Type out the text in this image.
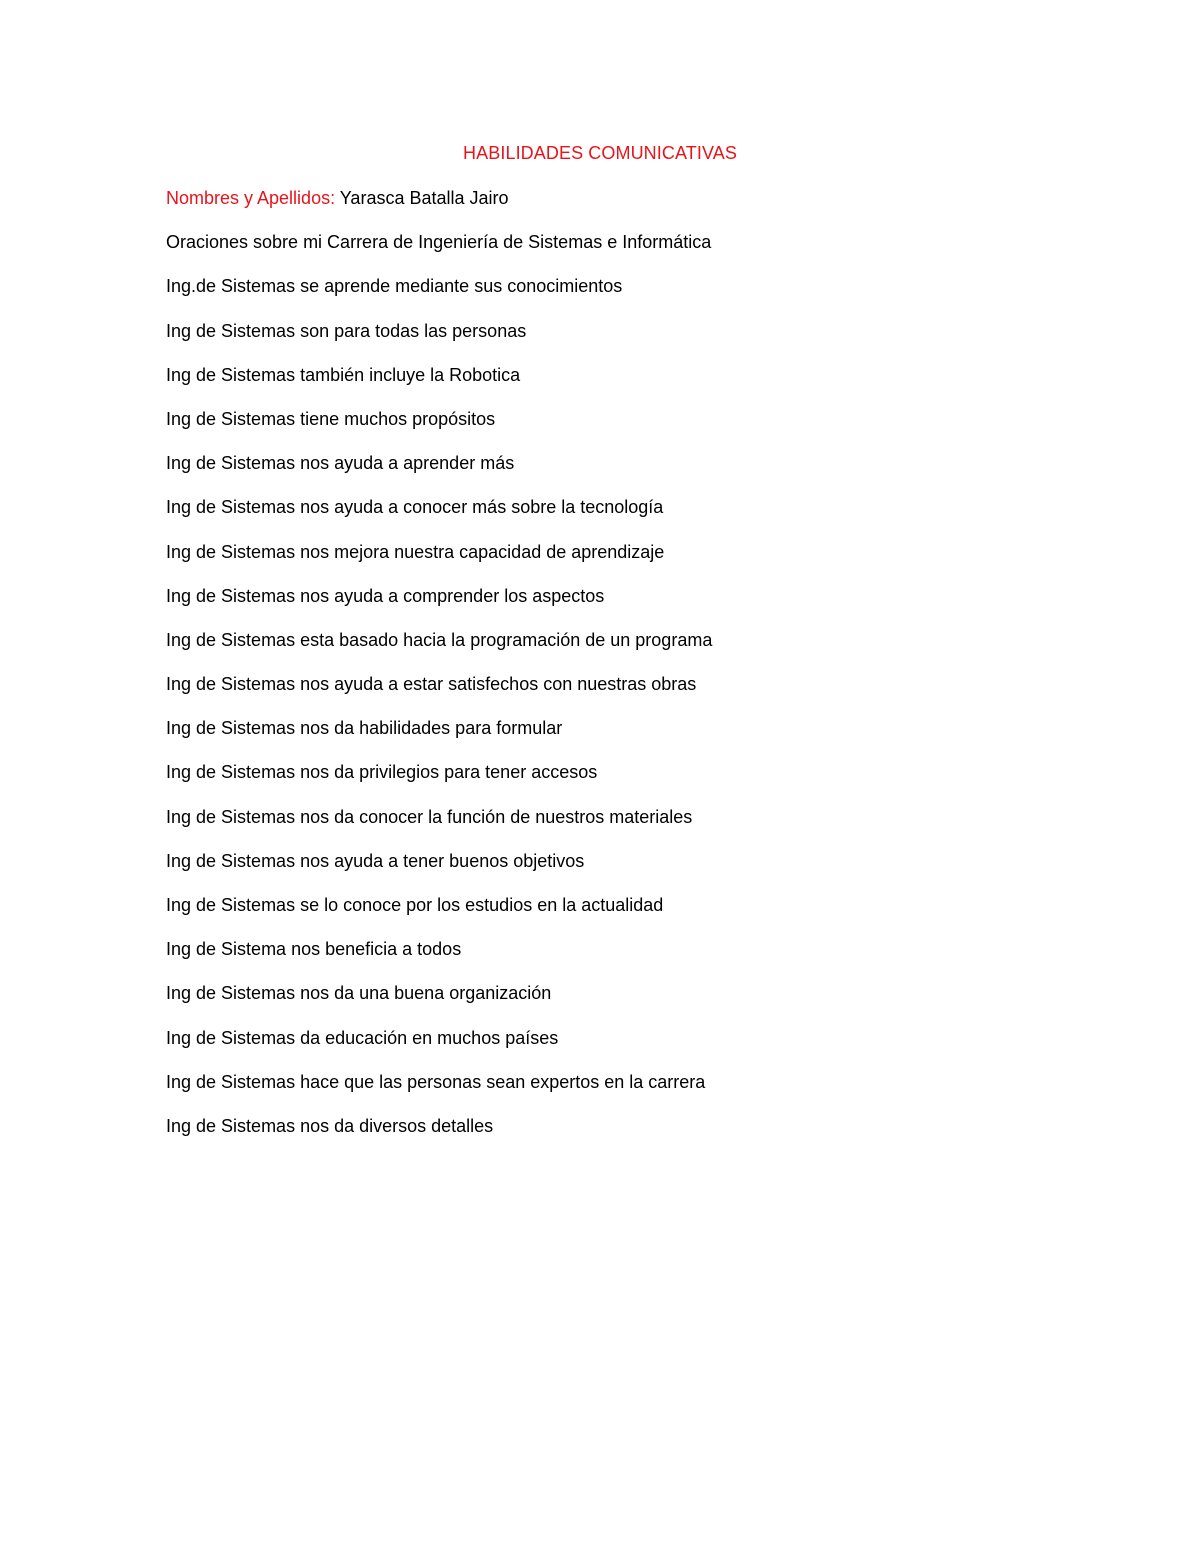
HABILIDADES COMUNICATIVAS
Nombres y Apellidos: Yarasca Batalla Jairo
Oraciones sobre mi Carrera de Ingeniería de Sistemas e Informática
Ing.de Sistemas se aprende mediante sus conocimientos
Ing de Sistemas son para todas las personas
Ing de Sistemas también incluye la Robotica
Ing de Sistemas tiene muchos propósitos
Ing de Sistemas nos ayuda a aprender más
Ing de Sistemas nos ayuda a conocer más sobre la tecnología
Ing de Sistemas nos mejora nuestra capacidad de aprendizaje
Ing de Sistemas nos ayuda a comprender los aspectos
Ing de Sistemas esta basado hacia la programación de un programa
Ing de Sistemas nos ayuda a estar satisfechos con nuestras obras
Ing de Sistemas nos da habilidades para formular
Ing de Sistemas nos da privilegios para tener accesos
Ing de Sistemas nos da conocer la función de nuestros materiales
Ing de Sistemas nos ayuda a tener buenos objetivos
Ing de Sistemas se lo conoce por los estudios en la actualidad
Ing de Sistema nos beneficia a todos
Ing de Sistemas nos da una buena organización
Ing de Sistemas da educación en muchos países
Ing de Sistemas hace que las personas sean expertos en la carrera
Ing de Sistemas nos da diversos detalles
